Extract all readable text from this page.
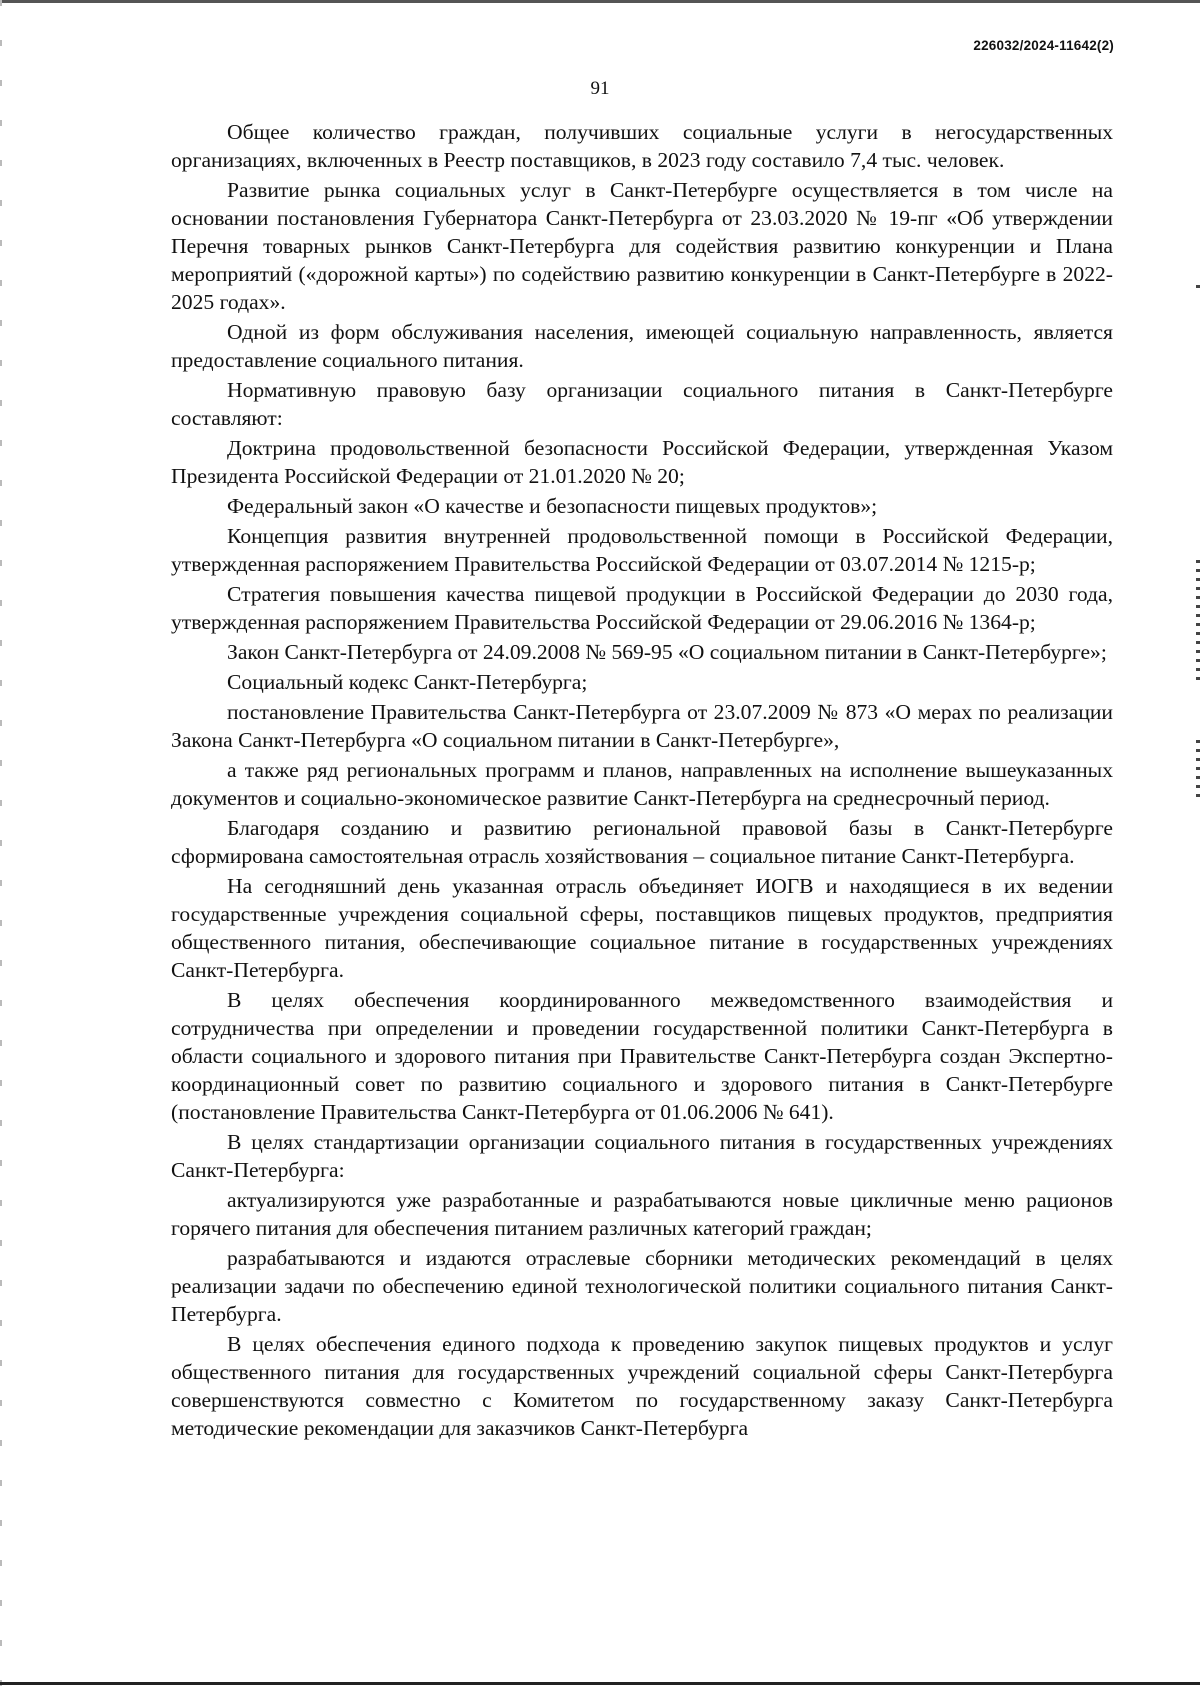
226032/2024-11642(2)
91

Общее количество граждан, получивших социальные услуги в негосударственных организациях, включенных в Реестр поставщиков, в 2023 году составило 7,4 тыс. человек.

Развитие рынка социальных услуг в Санкт-Петербурге осуществляется в том числе на основании постановления Губернатора Санкт-Петербурга от 23.03.2020 № 19-пг «Об утверждении Перечня товарных рынков Санкт-Петербурга для содействия развитию конкуренции и Плана мероприятий («дорожной карты») по содействию развитию конкуренции в Санкт-Петербурге в 2022-2025 годах».

Одной из форм обслуживания населения, имеющей социальную направленность, является предоставление социального питания.

Нормативную правовую базу организации социального питания в Санкт-Петербурге составляют:

Доктрина продовольственной безопасности Российской Федерации, утвержденная Указом Президента Российской Федерации от 21.01.2020 № 20;

Федеральный закон «О качестве и безопасности пищевых продуктов»;

Концепция развития внутренней продовольственной помощи в Российской Федерации, утвержденная распоряжением Правительства Российской Федерации от 03.07.2014 № 1215-р;

Стратегия повышения качества пищевой продукции в Российской Федерации до 2030 года, утвержденная распоряжением Правительства Российской Федерации от 29.06.2016 № 1364-р;

Закон Санкт-Петербурга от 24.09.2008 № 569-95 «О социальном питании в Санкт-Петербурге»;

Социальный кодекс Санкт-Петербурга;

постановление Правительства Санкт-Петербурга от 23.07.2009 № 873 «О мерах по реализации Закона Санкт-Петербурга «О социальном питании в Санкт-Петербурге»,

а также ряд региональных программ и планов, направленных на исполнение вышеуказанных документов и социально-экономическое развитие Санкт-Петербурга на среднесрочный период.

Благодаря созданию и развитию региональной правовой базы в Санкт-Петербурге сформирована самостоятельная отрасль хозяйствования – социальное питание Санкт-Петербурга.

На сегодняшний день указанная отрасль объединяет ИОГВ и находящиеся в их ведении государственные учреждения социальной сферы, поставщиков пищевых продуктов, предприятия общественного питания, обеспечивающие социальное питание в государственных учреждениях Санкт-Петербурга.

В целях обеспечения координированного межведомственного взаимодействия и сотрудничества при определении и проведении государственной политики Санкт-Петербурга в области социального и здорового питания при Правительстве Санкт-Петербурга создан Экспертно-координационный совет по развитию социального и здорового питания в Санкт-Петербурге (постановление Правительства Санкт-Петербурга от 01.06.2006 № 641).

В целях стандартизации организации социального питания в государственных учреждениях Санкт-Петербурга:

актуализируются уже разработанные и разрабатываются новые цикличные меню рационов горячего питания для обеспечения питанием различных категорий граждан;

разрабатываются и издаются отраслевые сборники методических рекомендаций в целях реализации задачи по обеспечению единой технологической политики социального питания Санкт-Петербурга.

В целях обеспечения единого подхода к проведению закупок пищевых продуктов и услуг общественного питания для государственных учреждений социальной сферы Санкт-Петербурга совершенствуются совместно с Комитетом по государственному заказу Санкт-Петербурга методические рекомендации для заказчиков Санкт-Петербурга
